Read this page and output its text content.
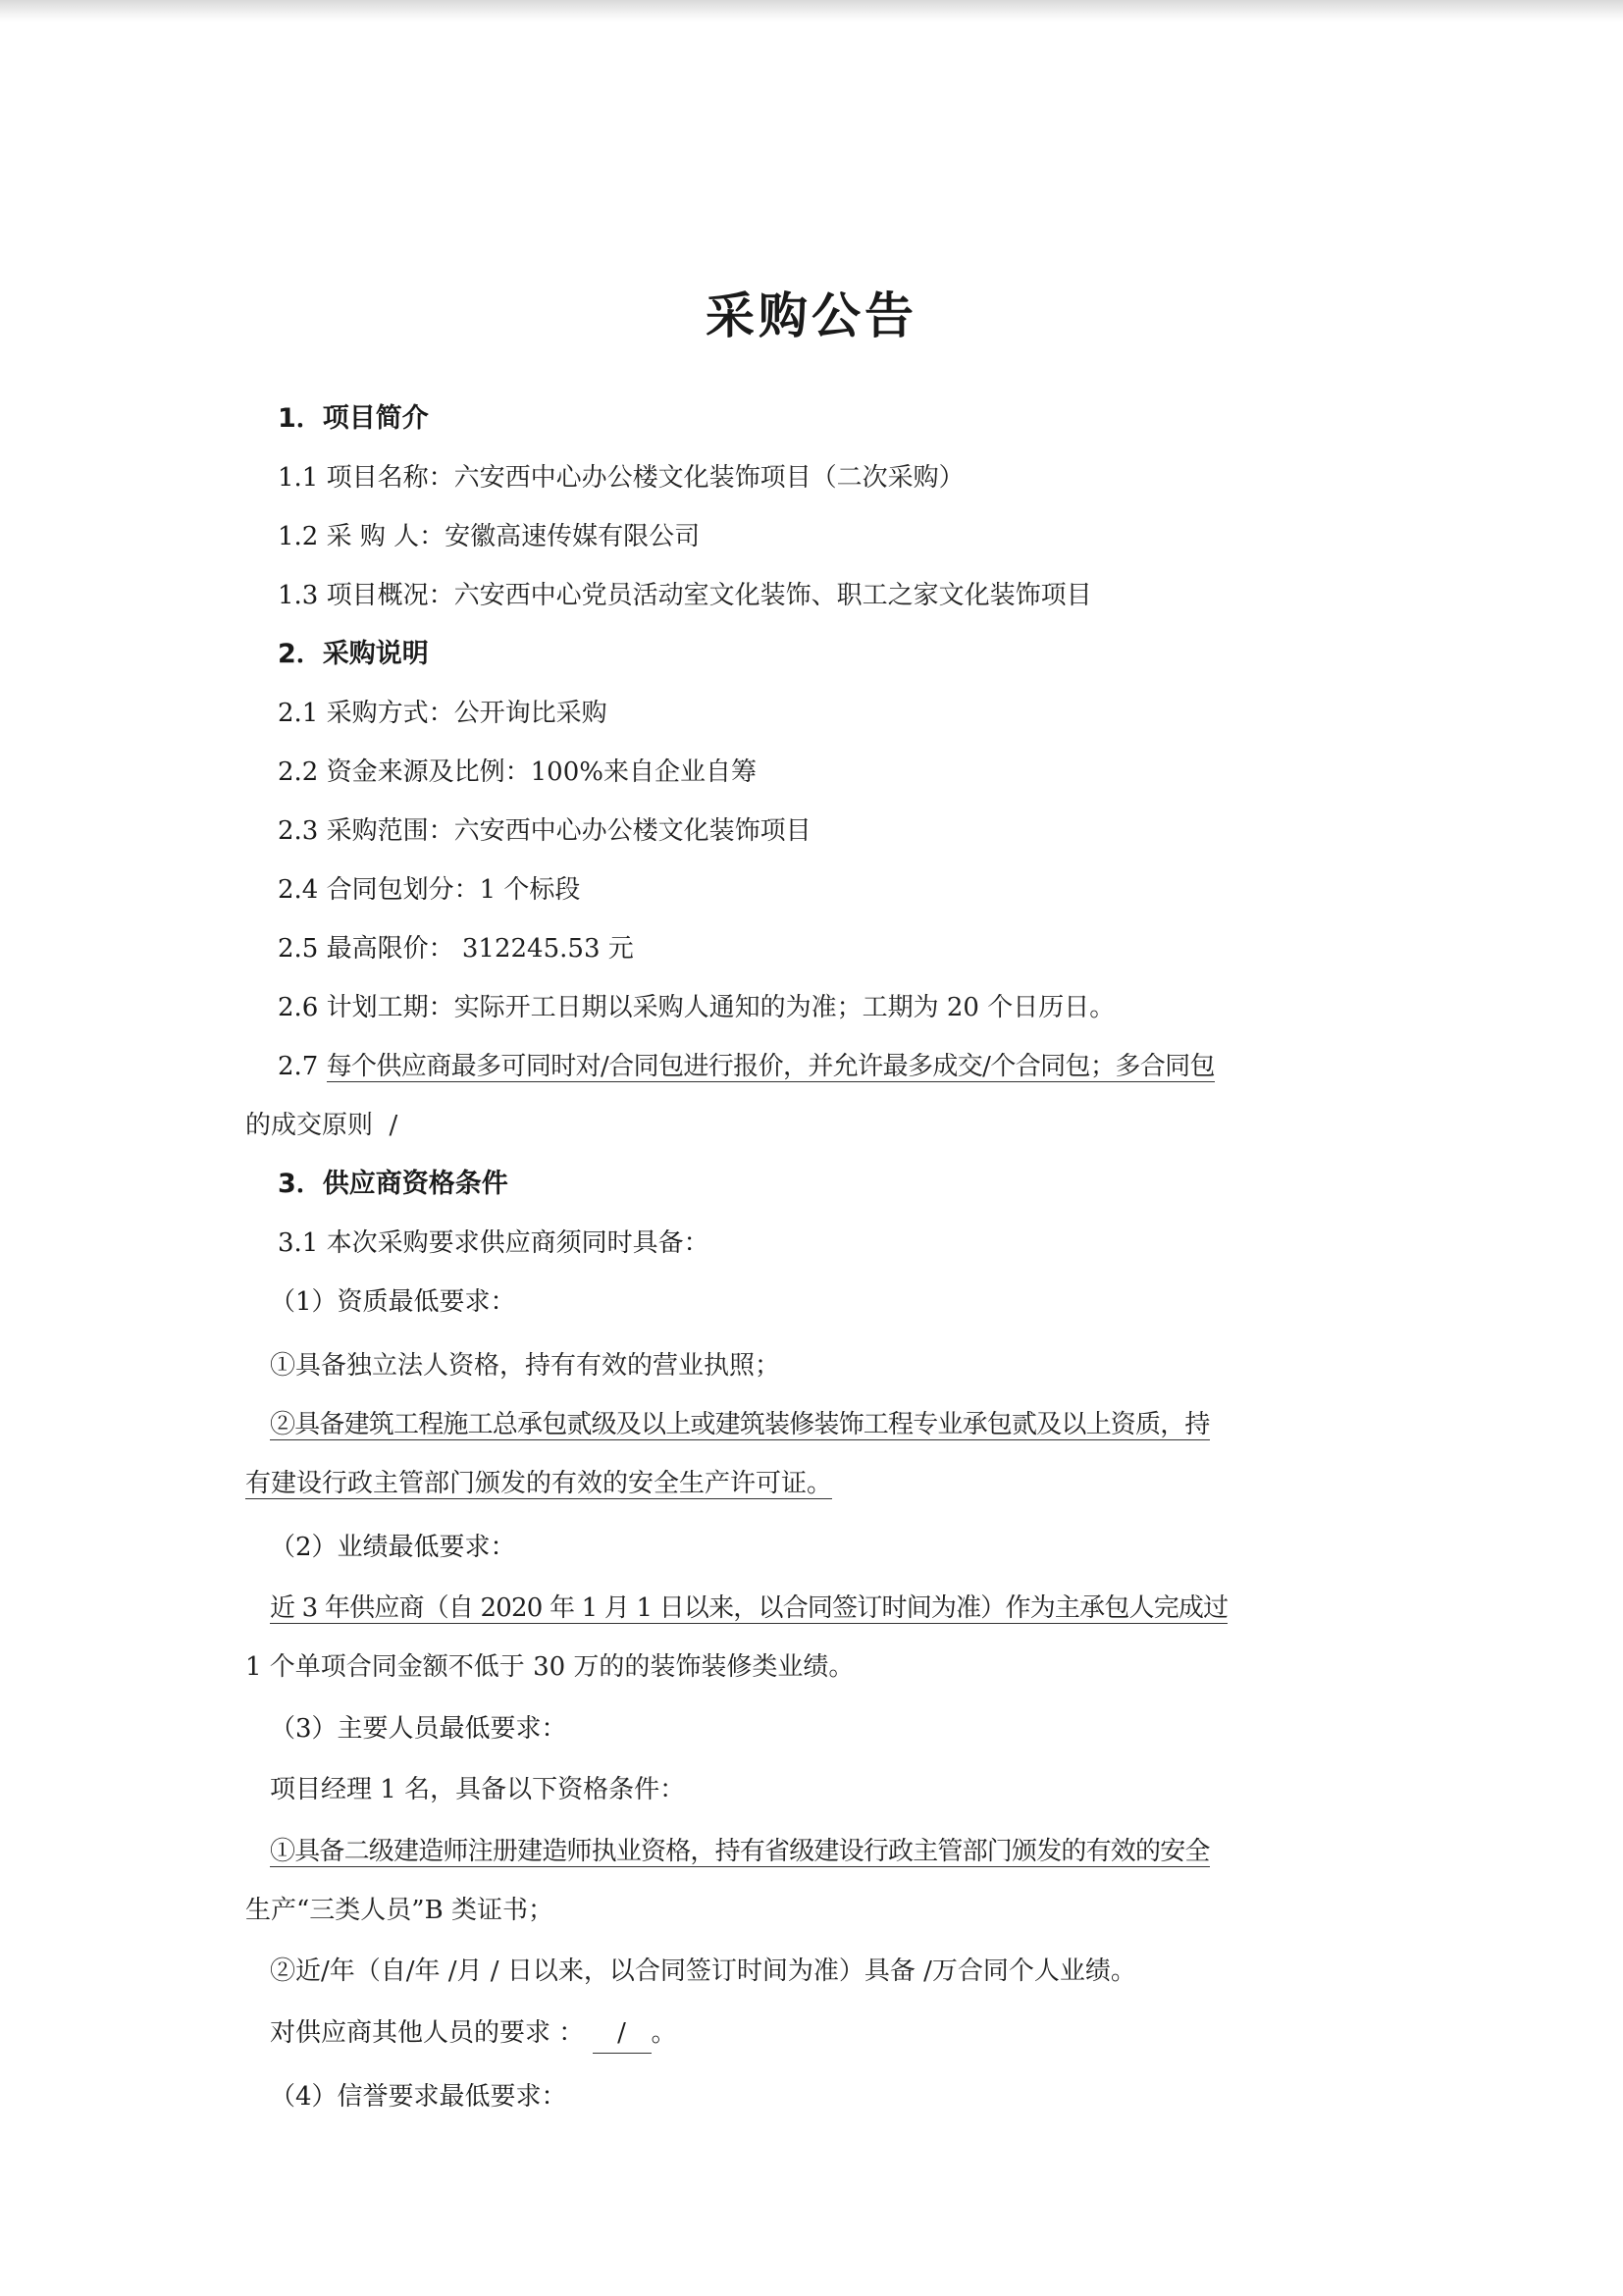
采购公告
1．项目简介
1.1 项目名称：六安西中心办公楼文化装饰项目（二次采购）
1.2 采 购 人：安徽高速传媒有限公司
1.3 项目概况：六安西中心党员活动室文化装饰、职工之家文化装饰项目
2．采购说明
2.1 采购方式：公开询比采购
2.2 资金来源及比例：100%来自企业自筹
2.3 采购范围：六安西中心办公楼文化装饰项目
2.4 合同包划分：1 个标段
2.5 最高限价： 312245.53 元
2.6 计划工期：实际开工日期以采购人通知的为准；工期为 20 个日历日。
2.7 每个供应商最多可同时对/合同包进行报价，并允许最多成交/个合同包；多合同包
的成交原则  /
3．供应商资格条件
3.1 本次采购要求供应商须同时具备：
（1）资质最低要求：
①具备独立法人资格，持有有效的营业执照；
②具备建筑工程施工总承包贰级及以上或建筑装修装饰工程专业承包贰及以上资质，持
有建设行政主管部门颁发的有效的安全生产许可证。
（2）业绩最低要求：
近 3 年供应商（自 2020 年 1 月 1 日以来，以合同签订时间为准）作为主承包人完成过
1 个单项合同金额不低于 30 万的的装饰装修类业绩。
（3）主要人员最低要求：
项目经理 1 名，具备以下资格条件：
①具备二级建造师注册建造师执业资格，持有省级建设行政主管部门颁发的有效的安全
生产“三类人员”B 类证书；
②近/年（自/年 /月 / 日以来，以合同签订时间为准）具备 /万合同个人业绩。
对供应商其他人员的要求 ： / 。
（4）信誉要求最低要求：
